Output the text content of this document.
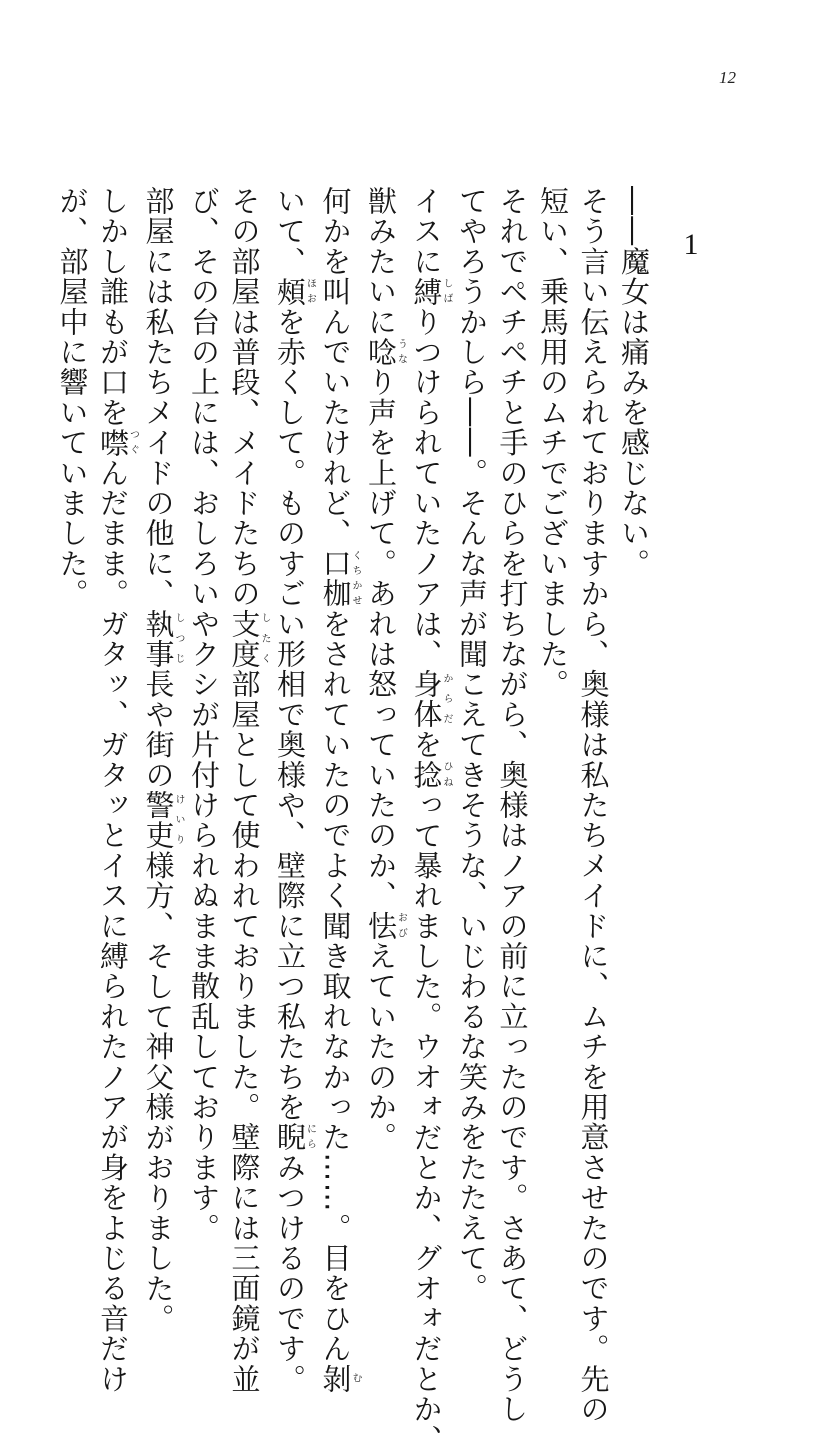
12
1

――魔女は痛みを感じない。

そう言い伝えられておりますから、奥様は私たちメイドに、ムチを用意させたのです。先の

短い、乗馬用のムチでございました。

それでペチペチと手のひらを打ちながら、奥様はノアの前に立ったのです。さあて、どうし

てやろうかしら――。そんな声が聞こえてきそうな、いじわるな笑みをたたえて。

イスに縛しばりつけられていたノアは、身体からだを捻ひねって暴れました。ウオォだとか、グオォだとか、

獣みたいに唸うなり声を上げて。あれは怒っていたのか、怯おびえていたのか。

何かを叫んでいたけれど、口枷くちかせをされていたのでよく聞き取れなかった……。目をひん剝む

いて、頰ほおを赤くして。ものすごい形相で奥様や、壁際に立つ私たちを睨にらみつけるのです。

その部屋は普段、メイドたちの支度したく部屋として使われておりました。壁際には三面鏡が並

び、その台の上には、おしろいやクシが片付けられぬまま散乱しております。

部屋には私たちメイドの他に、執事しつじ長や街の警吏けいり様方、そして神父様がおりました。

しかし誰もが口を噤つぐんだまま。ガタッ、ガタッとイスに縛られたノアが身をよじる音だけ

が、部屋中に響いていました。
